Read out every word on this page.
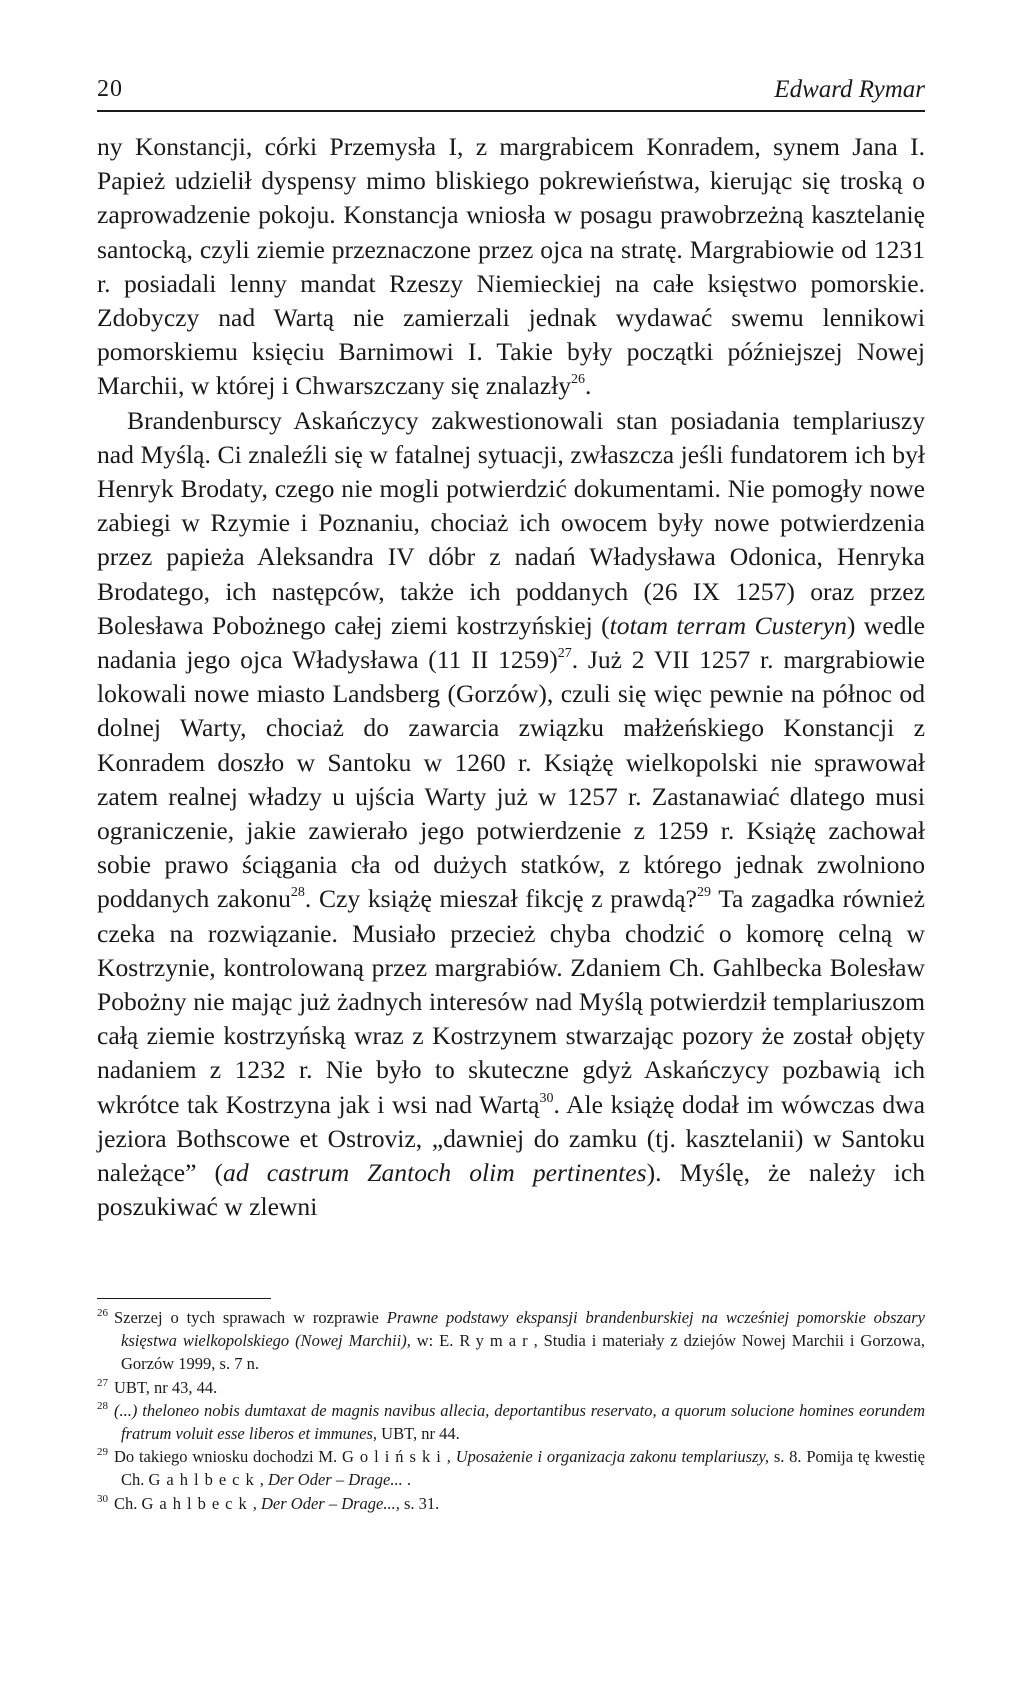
20	Edward Rymar

ny Konstancji, córki Przemysła I, z margrabicem Konradem, synem Jana I. Papież udzielił dyspensy mimo bliskiego pokrewieństwa, kierując się troską o zaprowadzenie pokoju. Konstancja wniosła w posagu prawobrzeżną kasztelanię santocką, czyli ziemie przeznaczone przez ojca na stratę. Margrabiowie od 1231 r. posiadali lenny mandat Rzeszy Niemieckiej na całe księstwo pomorskie. Zdobyczy nad Wartą nie zamierzali jednak wydawać swemu lennikowi pomorskiemu księciu Barnimowi I. Takie były początki późniejszej Nowej Marchii, w której i Chwarszczany się znalazły$^{26}$.

Brandenburscy Askańczycy zakwestionowali stan posiadania templariuszy nad Myślą. Ci znaleźli się w fatalnej sytuacji, zwłaszcza jeśli fundatorem ich był Henryk Brodaty, czego nie mogli potwierdzić dokumentami. Nie pomogły nowe zabiegi w Rzymie i Poznaniu, chociaż ich owocem były nowe potwierdzenia przez papieża Aleksandra IV dóbr z nadań Władysława Odonica, Henryka Brodatego, ich następców, także ich poddanych (26 IX 1257) oraz przez Bolesława Pobożnego całej ziemi kostrzyńskiej (totam terram Custeryn) wedle nadania jego ojca Władysława (11 II 1259)$^{27}$. Już 2 VII 1257 r. margrabiowie lokowali nowe miasto Landsberg (Gorzów), czuli się więc pewnie na północ od dolnej Warty, chociaż do zawarcia związku małżeńskiego Konstancji z Konradem doszło w Santoku w 1260 r. Książę wielkopolski nie sprawował zatem realnej władzy u ujścia Warty już w 1257 r. Zastanawiać dlatego musi ograniczenie, jakie zawierało jego potwierdzenie z 1259 r. Książę zachował sobie prawo ściągania cła od dużych statków, z którego jednak zwolniono poddanych zakonu$^{28}$. Czy książę mieszał fikcję z prawdą?$^{29}$ Ta zagadka również czeka na rozwiązanie. Musiało przecież chyba chodzić o komorę celną w Kostrzynie, kontrolowaną przez margrabiów. Zdaniem Ch. Gahlbecka Bolesław Pobożny nie mając już żadnych interesów nad Myślą potwierdził templariuszom całą ziemie kostrzyńską wraz z Kostrzynem stwarzając pozory że został objęty nadaniem z 1232 r. Nie było to skuteczne gdyż Askańczycy pozbawią ich wkrótce tak Kostrzyna jak i wsi nad Wartą$^{30}$. Ale książę dodał im wówczas dwa jeziora Bothscowe et Ostroviz, „dawniej do zamku (tj. kasztelanii) w Santoku należące” (ad castrum Zantoch olim pertinentes). Myślę, że należy ich poszukiwać w zlewni

$^{26}$ Szerzej o tych sprawach w rozprawie Prawne podstawy ekspansji brandenburskiej na wcześniej pomorskie obszary księstwa wielkopolskiego (Nowej Marchii), w: E. Rymar, Studia i materiały z dziejów Nowej Marchii i Gorzowa, Gorzów 1999, s. 7 n.

$^{27}$ UBT, nr 43, 44.

$^{28}$ (...) theloneo nobis dumtaxat de magnis navibus allecia, deportantibus reservato, a quorum solucione homines eorundem fratrum voluit esse liberos et immunes, UBT, nr 44.

$^{29}$ Do takiego wniosku dochodzi M. Goliński, Uposażenie i organizacja zakonu templariuszy, s. 8. Pomija tę kwestię Ch. Gahlbeck, Der Oder – Drage... .

$^{30}$ Ch. Gahlbeck, Der Oder – Drage..., s. 31.
